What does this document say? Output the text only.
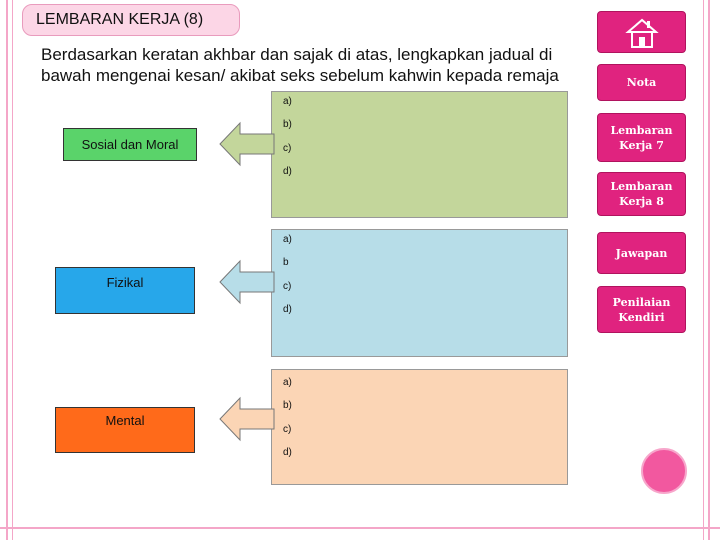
LEMBARAN KERJA (8)
Berdasarkan keratan akhbar dan sajak di atas, lengkapkan jadual di bawah mengenai kesan/ akibat seks sebelum kahwin kepada remaja
a)
b)
c)
d)
Sosial dan Moral
a)
b
c)
d)
Fizikal
a)
b)
c)
d)
Mental
Nota
Lembaran
Kerja 7
Lembaran
Kerja 8
Jawapan
Penilaian
Kendiri
